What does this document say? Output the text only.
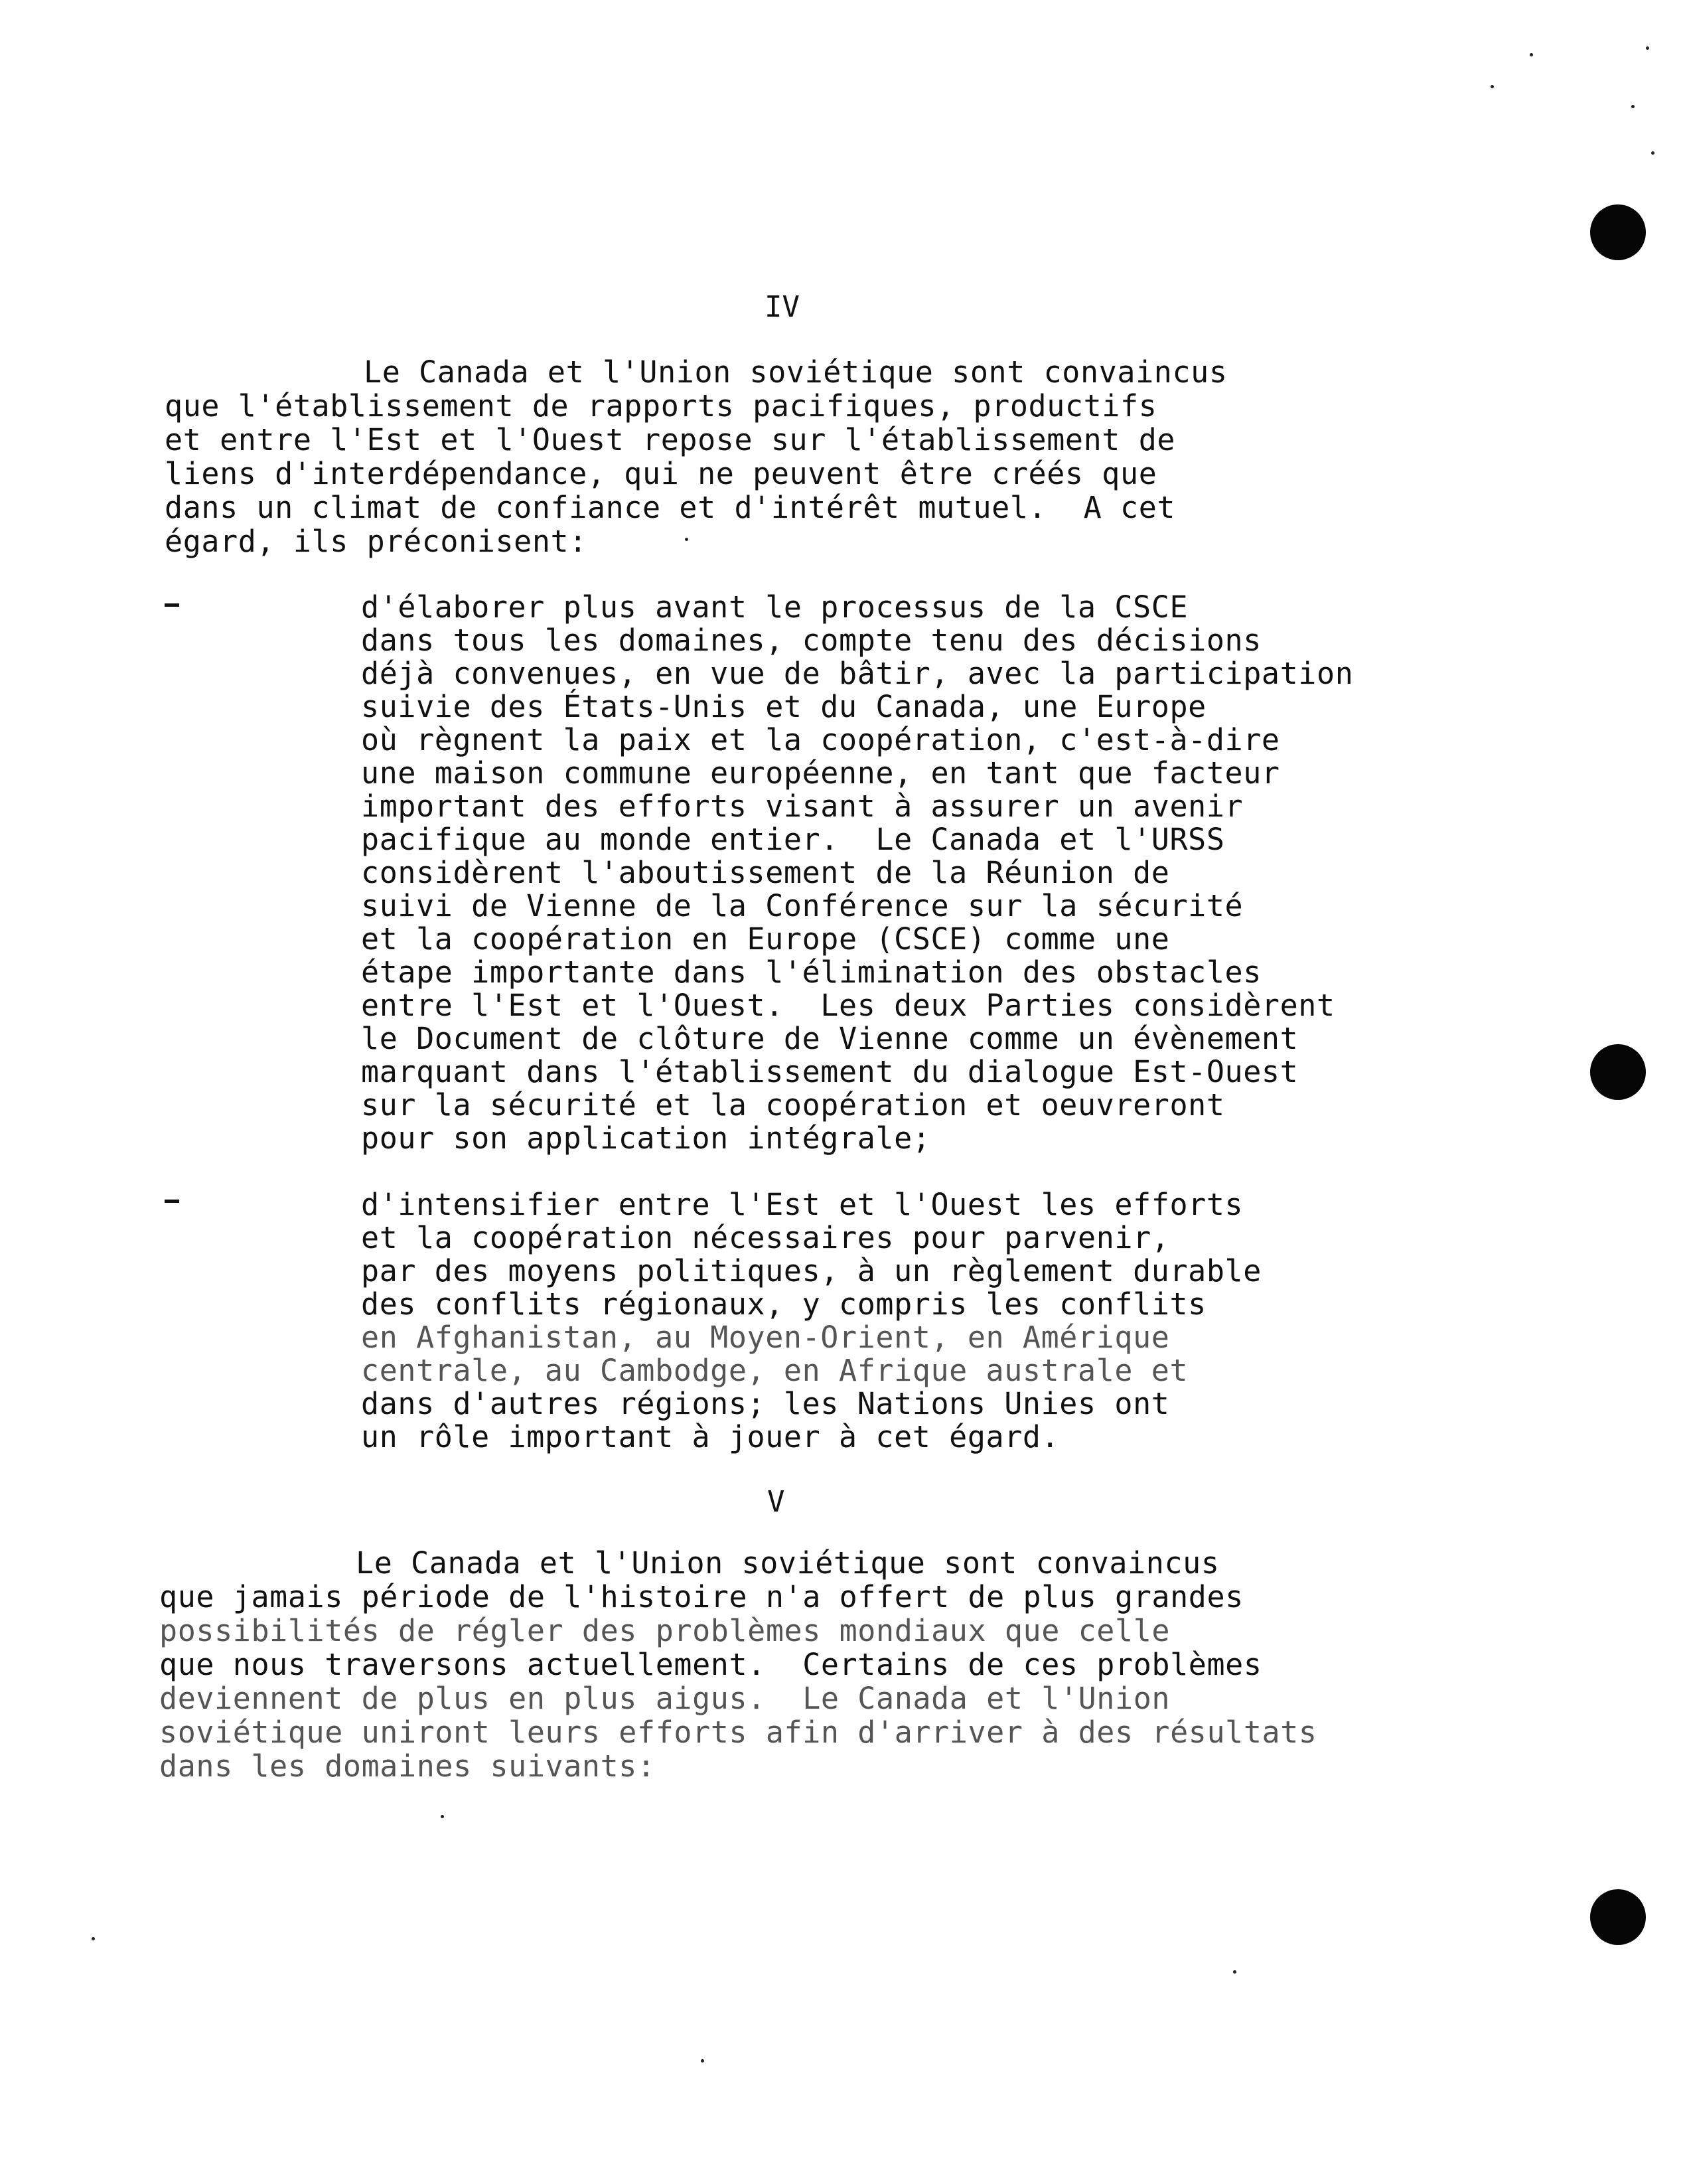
IV
Le Canada et l'Union soviétique sont convaincus
que l'établissement de rapports pacifiques, productifs
et entre l'Est et l'Ouest repose sur l'établissement de
liens d'interdépendance, qui ne peuvent être créés que
dans un climat de confiance et d'intérêt mutuel.  A cet
égard, ils préconisent:
d'élaborer plus avant le processus de la CSCE
dans tous les domaines, compte tenu des décisions
déjà convenues, en vue de bâtir, avec la participation
suivie des États-Unis et du Canada, une Europe
où règnent la paix et la coopération, c'est-à-dire
une maison commune européenne, en tant que facteur
important des efforts visant à assurer un avenir
pacifique au monde entier.  Le Canada et l'URSS
considèrent l'aboutissement de la Réunion de
suivi de Vienne de la Conférence sur la sécurité
et la coopération en Europe (CSCE) comme une
étape importante dans l'élimination des obstacles
entre l'Est et l'Ouest.  Les deux Parties considèrent
le Document de clôture de Vienne comme un évènement
marquant dans l'établissement du dialogue Est-Ouest
sur la sécurité et la coopération et oeuvreront
pour son application intégrale;
d'intensifier entre l'Est et l'Ouest les efforts
et la coopération nécessaires pour parvenir,
par des moyens politiques, à un règlement durable
des conflits régionaux, y compris les conflits
en Afghanistan, au Moyen-Orient, en Amérique
centrale, au Cambodge, en Afrique australe et
dans d'autres régions; les Nations Unies ont
un rôle important à jouer à cet égard.
V
Le Canada et l'Union soviétique sont convaincus
que jamais période de l'histoire n'a offert de plus grandes
possibilités de régler des problèmes mondiaux que celle
que nous traversons actuellement.  Certains de ces problèmes
deviennent de plus en plus aigus.  Le Canada et l'Union
soviétique uniront leurs efforts afin d'arriver à des résultats
dans les domaines suivants:
